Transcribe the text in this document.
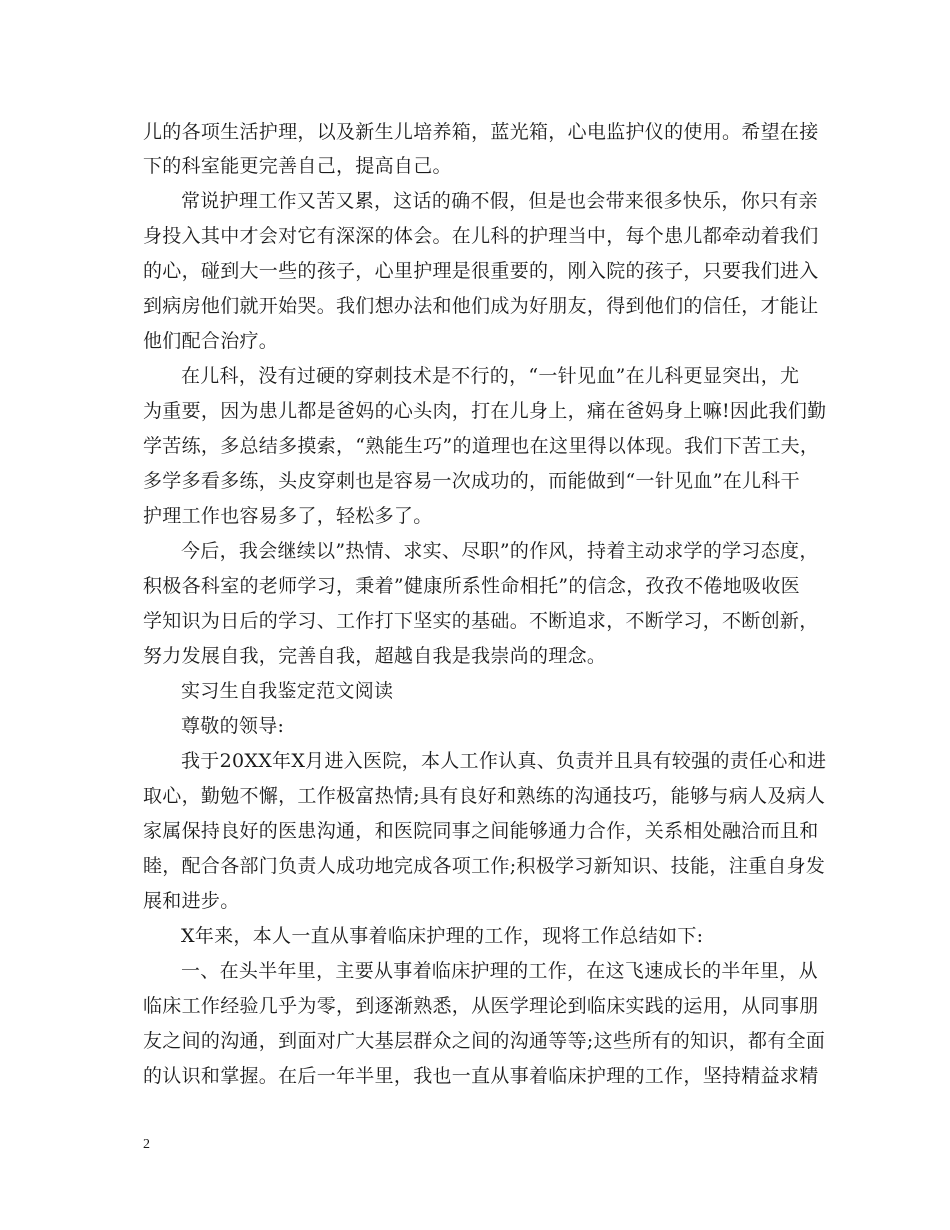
儿的各项生活护理，以及新生儿培养箱，蓝光箱，心电监护仪的使用。希望在接
下的科室能更完善自己，提高自己。
常说护理工作又苦又累，这话的确不假，但是也会带来很多快乐，你只有亲
身投入其中才会对它有深深的体会。在儿科的护理当中，每个患儿都牵动着我们
的心，碰到大一些的孩子，心里护理是很重要的，刚入院的孩子，只要我们进入
到病房他们就开始哭。我们想办法和他们成为好朋友，得到他们的信任，才能让
他们配合治疗。
在儿科，没有过硬的穿刺技术是不行的，“一针见血”在儿科更显突出，尤
为重要，因为患儿都是爸妈的心头肉，打在儿身上，痛在爸妈身上嘛!因此我们勤
学苦练，多总结多摸索，“熟能生巧”的道理也在这里得以体现。我们下苦工夫，
多学多看多练，头皮穿刺也是容易一次成功的，而能做到“一针见血”在儿科干
护理工作也容易多了，轻松多了。
今后，我会继续以”热情、求实、尽职”的作风，持着主动求学的学习态度，
积极各科室的老师学习，秉着”健康所系性命相托”的信念，孜孜不倦地吸收医
学知识为日后的学习、工作打下坚实的基础。不断追求，不断学习，不断创新，
努力发展自我，完善自我，超越自我是我崇尚的理念。
实习生自我鉴定范文阅读
尊敬的领导:
我于20XX年X月进入医院，本人工作认真、负责并且具有较强的责任心和进
取心，勤勉不懈，工作极富热情;具有良好和熟练的沟通技巧，能够与病人及病人
家属保持良好的医患沟通，和医院同事之间能够通力合作，关系相处融洽而且和
睦，配合各部门负责人成功地完成各项工作;积极学习新知识、技能，注重自身发
展和进步。
X年来，本人一直从事着临床护理的工作，现将工作总结如下:
一、在头半年里，主要从事着临床护理的工作，在这飞速成长的半年里，从
临床工作经验几乎为零，到逐渐熟悉，从医学理论到临床实践的运用，从同事朋
友之间的沟通，到面对广大基层群众之间的沟通等等;这些所有的知识，都有全面
的认识和掌握。在后一年半里，我也一直从事着临床护理的工作，坚持精益求精
2
